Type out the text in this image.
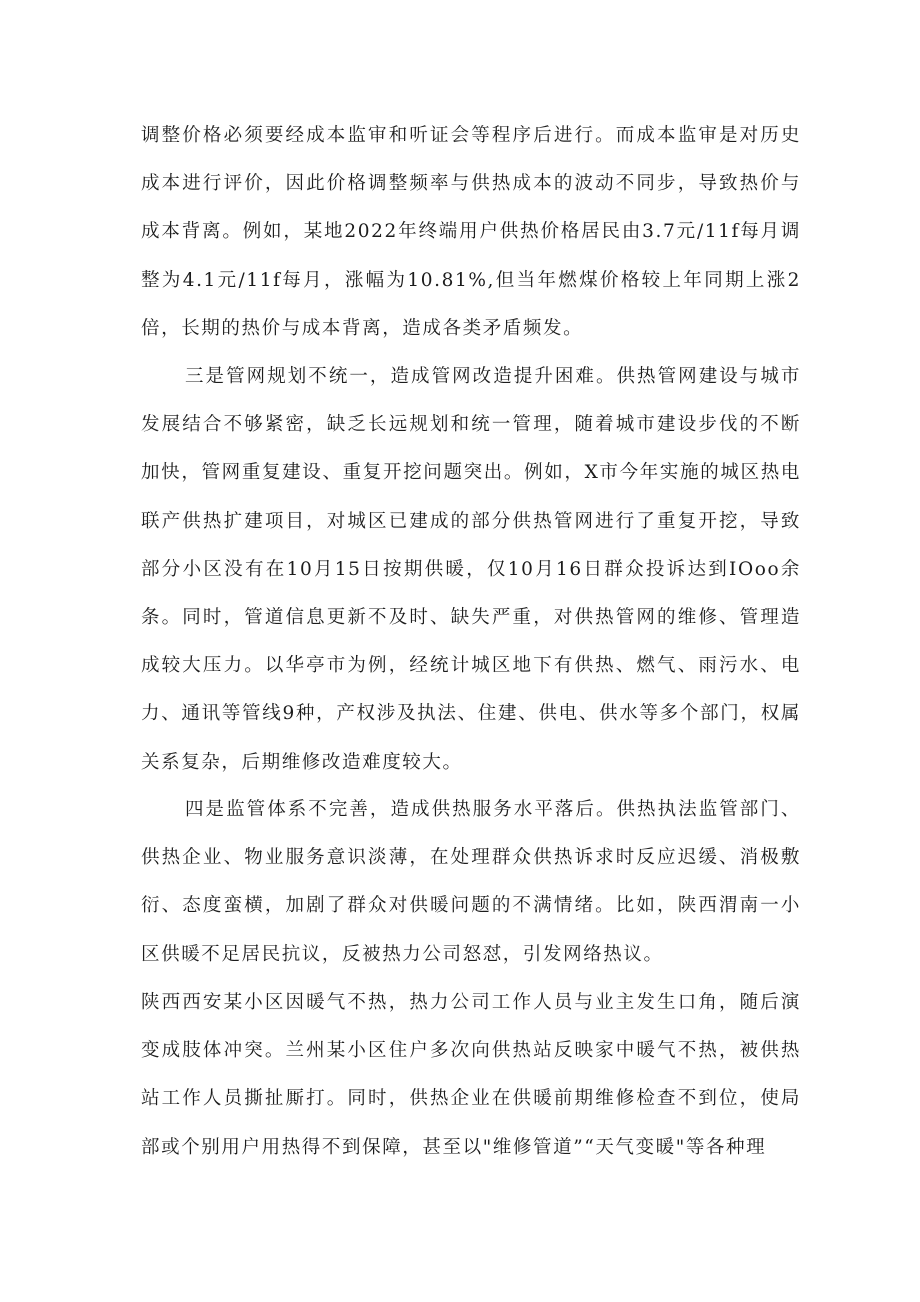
调整价格必须要经成本监审和听证会等程序后进行。而成本监审是对历史成本进行评价，因此价格调整频率与供热成本的波动不同步，导致热价与成本背离。例如，某地2022年终端用户供热价格居民由3.7元/11f每月调整为4.1元/11f每月，涨幅为10.81%,但当年燃煤价格较上年同期上涨2倍，长期的热价与成本背离，造成各类矛盾频发。

三是管网规划不统一，造成管网改造提升困难。供热管网建设与城市发展结合不够紧密，缺乏长远规划和统一管理，随着城市建设步伐的不断加快，管网重复建设、重复开挖问题突出。例如，X市今年实施的城区热电联产供热扩建项目，对城区已建成的部分供热管网进行了重复开挖，导致部分小区没有在10月15日按期供暖，仅10月16日群众投诉达到IOoo余条。同时，管道信息更新不及时、缺失严重，对供热管网的维修、管理造成较大压力。以华亭市为例，经统计城区地下有供热、燃气、雨污水、电力、通讯等管线9种，产权涉及执法、住建、供电、供水等多个部门，权属关系复杂，后期维修改造难度较大。

四是监管体系不完善，造成供热服务水平落后。供热执法监管部门、供热企业、物业服务意识淡薄，在处理群众供热诉求时反应迟缓、消极敷衍、态度蛮横，加剧了群众对供暖问题的不满情绪。比如，陕西渭南一小区供暖不足居民抗议，反被热力公司怒怼，引发网络热议。

陕西西安某小区因暖气不热，热力公司工作人员与业主发生口角，随后演变成肢体冲突。兰州某小区住户多次向供热站反映家中暖气不热，被供热站工作人员撕扯厮打。同时，供热企业在供暖前期维修检查不到位，使局部或个别用户用热得不到保障，甚至以"维修管道”“天气变暖"等各种理
